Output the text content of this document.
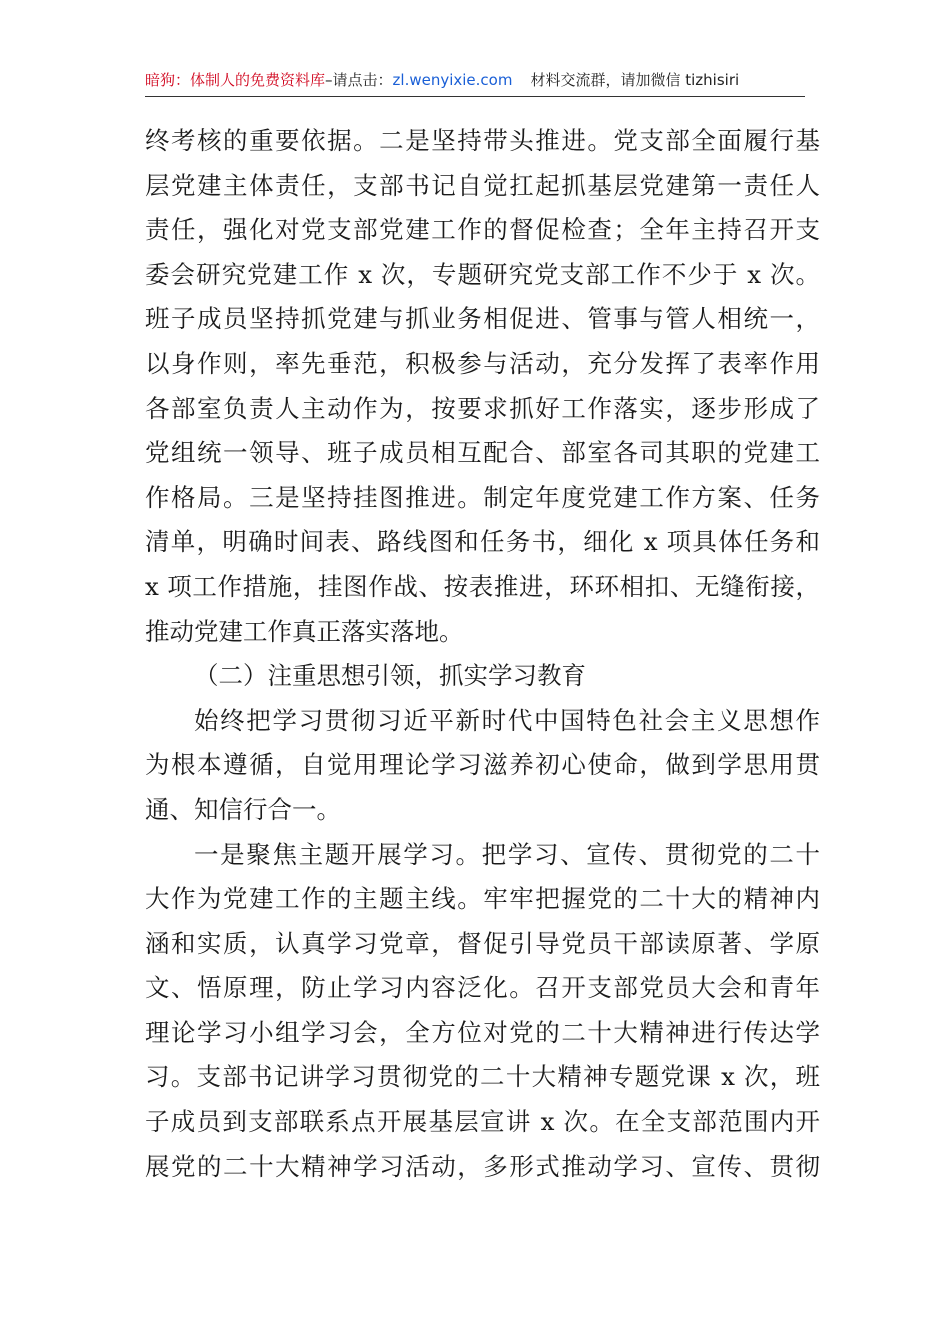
暗狗：体制人的免费资料库–请点击：zl.wenyixie.com 材料交流群，请加微信 tizhisiri
终考核的重要依据。二是坚持带头推进。党支部全面履行基
层党建主体责任，支部书记自觉扛起抓基层党建第一责任人
责任，强化对党支部党建工作的督促检查；全年主持召开支
委会研究党建工作 x 次，专题研究党支部工作不少于 x 次。
班子成员坚持抓党建与抓业务相促进、管事与管人相统一，
以身作则，率先垂范，积极参与活动，充分发挥了表率作用
各部室负责人主动作为，按要求抓好工作落实，逐步形成了
党组统一领导、班子成员相互配合、部室各司其职的党建工
作格局。三是坚持挂图推进。制定年度党建工作方案、任务
清单，明确时间表、路线图和任务书，细化 x 项具体任务和
x 项工作措施，挂图作战、按表推进，环环相扣、无缝衔接，
推动党建工作真正落实落地。
（二）注重思想引领，抓实学习教育
始终把学习贯彻习近平新时代中国特色社会主义思想作
为根本遵循，自觉用理论学习滋养初心使命，做到学思用贯
通、知信行合一。
一是聚焦主题开展学习。把学习、宣传、贯彻党的二十
大作为党建工作的主题主线。牢牢把握党的二十大的精神内
涵和实质，认真学习党章，督促引导党员干部读原著、学原
文、悟原理，防止学习内容泛化。召开支部党员大会和青年
理论学习小组学习会，全方位对党的二十大精神进行传达学
习。支部书记讲学习贯彻党的二十大精神专题党课 x 次，班
子成员到支部联系点开展基层宣讲 x 次。在全支部范围内开
展党的二十大精神学习活动，多形式推动学习、宣传、贯彻
